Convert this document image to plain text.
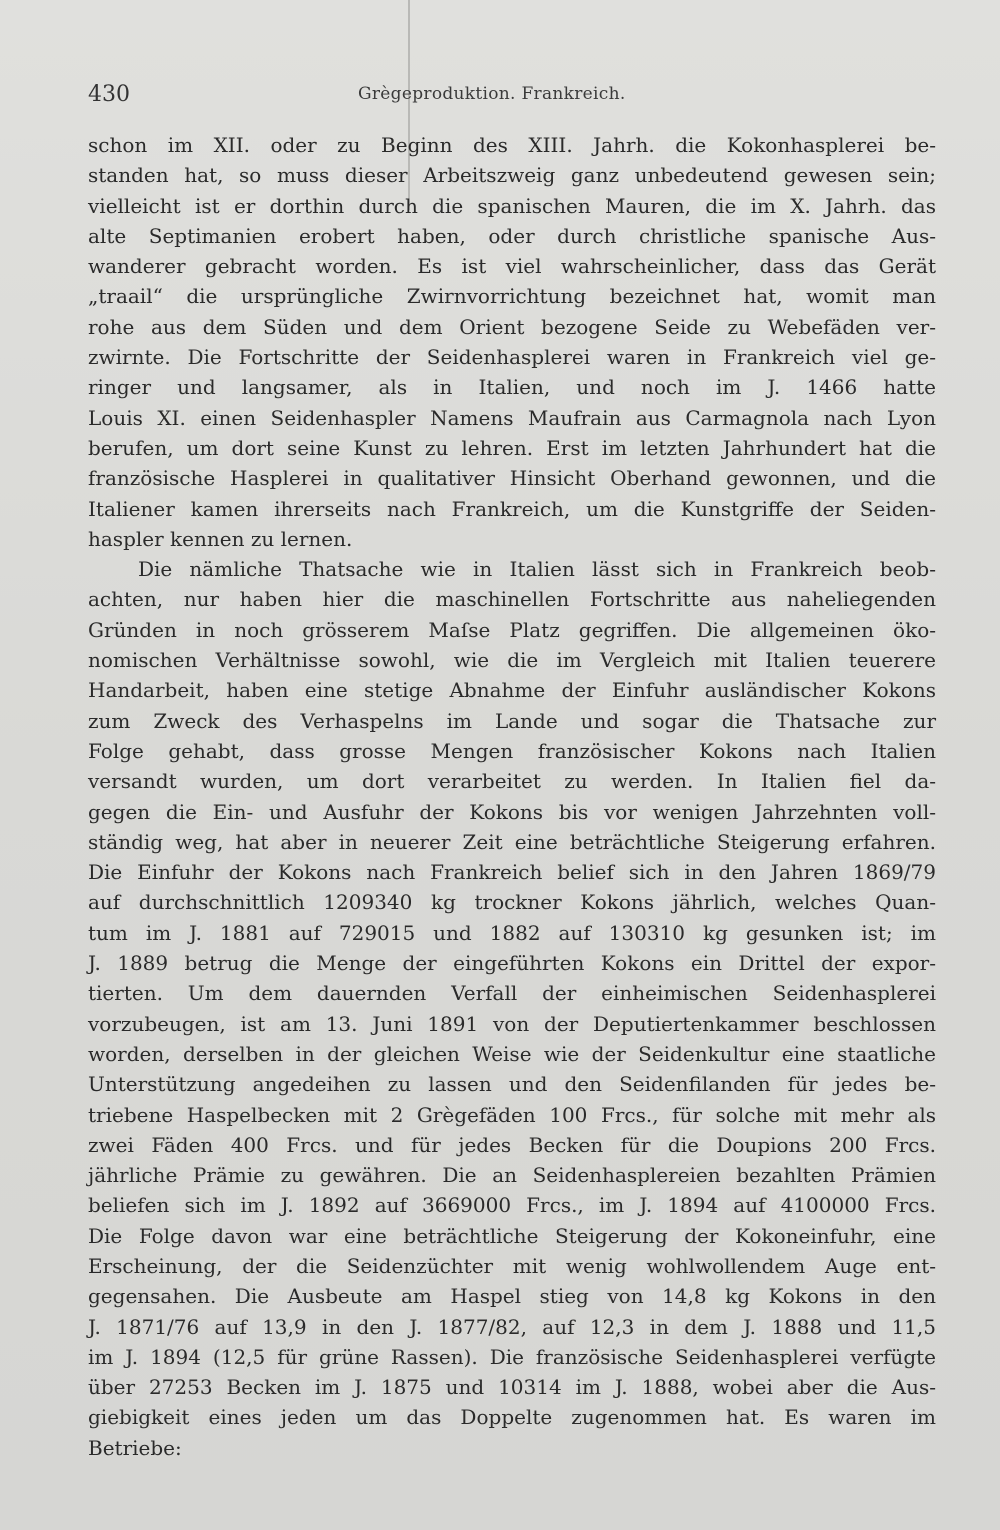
430	Grègeproduktion. Frankreich.
schon im XII. oder zu Beginn des XIII. Jahrh. die Kokonhasplerei be-
standen hat, so muss dieser Arbeitszweig ganz unbedeutend gewesen sein;
vielleicht ist er dorthin durch die spanischen Mauren, die im X. Jahrh. das
alte Septimanien erobert haben, oder durch christliche spanische Aus-
wanderer gebracht worden. Es ist viel wahrscheinlicher, dass das Gerät
„traail“ die ursprüngliche Zwirnvorrichtung bezeichnet hat, womit man
rohe aus dem Süden und dem Orient bezogene Seide zu Webefäden ver-
zwirnte. Die Fortschritte der Seidenhasplerei waren in Frankreich viel ge-
ringer und langsamer, als in Italien, und noch im J. 1466 hatte
Louis XI. einen Seidenhaspler Namens Maufrain aus Carmagnola nach Lyon
berufen, um dort seine Kunst zu lehren. Erst im letzten Jahrhundert hat die
französische Hasplerei in qualitativer Hinsicht Oberhand gewonnen, und die
Italiener kamen ihrerseits nach Frankreich, um die Kunstgriffe der Seiden-
haspler kennen zu lernen.
Die nämliche Thatsache wie in Italien lässt sich in Frankreich beob-
achten, nur haben hier die maschinellen Fortschritte aus naheliegenden
Gründen in noch grösserem Maſse Platz gegriffen. Die allgemeinen öko-
nomischen Verhältnisse sowohl, wie die im Vergleich mit Italien teuerere
Handarbeit, haben eine stetige Abnahme der Einfuhr ausländischer Kokons
zum Zweck des Verhaspelns im Lande und sogar die Thatsache zur
Folge gehabt, dass grosse Mengen französischer Kokons nach Italien
versandt wurden, um dort verarbeitet zu werden. In Italien fiel da-
gegen die Ein- und Ausfuhr der Kokons bis vor wenigen Jahrzehnten voll-
ständig weg, hat aber in neuerer Zeit eine beträchtliche Steigerung erfahren.
Die Einfuhr der Kokons nach Frankreich belief sich in den Jahren 1869/79
auf durchschnittlich 1209340 kg trockner Kokons jährlich, welches Quan-
tum im J. 1881 auf 729015 und 1882 auf 130310 kg gesunken ist; im
J. 1889 betrug die Menge der eingeführten Kokons ein Drittel der expor-
tierten. Um dem dauernden Verfall der einheimischen Seidenhasplerei
vorzubeugen, ist am 13. Juni 1891 von der Deputiertenkammer beschlossen
worden, derselben in der gleichen Weise wie der Seidenkultur eine staatliche
Unterstützung angedeihen zu lassen und den Seidenfilanden für jedes be-
triebene Haspelbecken mit 2 Grègefäden 100 Frcs., für solche mit mehr als
zwei Fäden 400 Frcs. und für jedes Becken für die Doupions 200 Frcs.
jährliche Prämie zu gewähren. Die an Seidenhasplereien bezahlten Prämien
beliefen sich im J. 1892 auf 3669000 Frcs., im J. 1894 auf 4100000 Frcs.
Die Folge davon war eine beträchtliche Steigerung der Kokoneinfuhr, eine
Erscheinung, der die Seidenzüchter mit wenig wohlwollendem Auge ent-
gegensahen. Die Ausbeute am Haspel stieg von 14,8 kg Kokons in den
J. 1871/76 auf 13,9 in den J. 1877/82, auf 12,3 in dem J. 1888 und 11,5
im J. 1894 (12,5 für grüne Rassen). Die französische Seidenhasplerei verfügte
über 27253 Becken im J. 1875 und 10314 im J. 1888, wobei aber die Aus-
giebigkeit eines jeden um das Doppelte zugenommen hat. Es waren im
Betriebe:
